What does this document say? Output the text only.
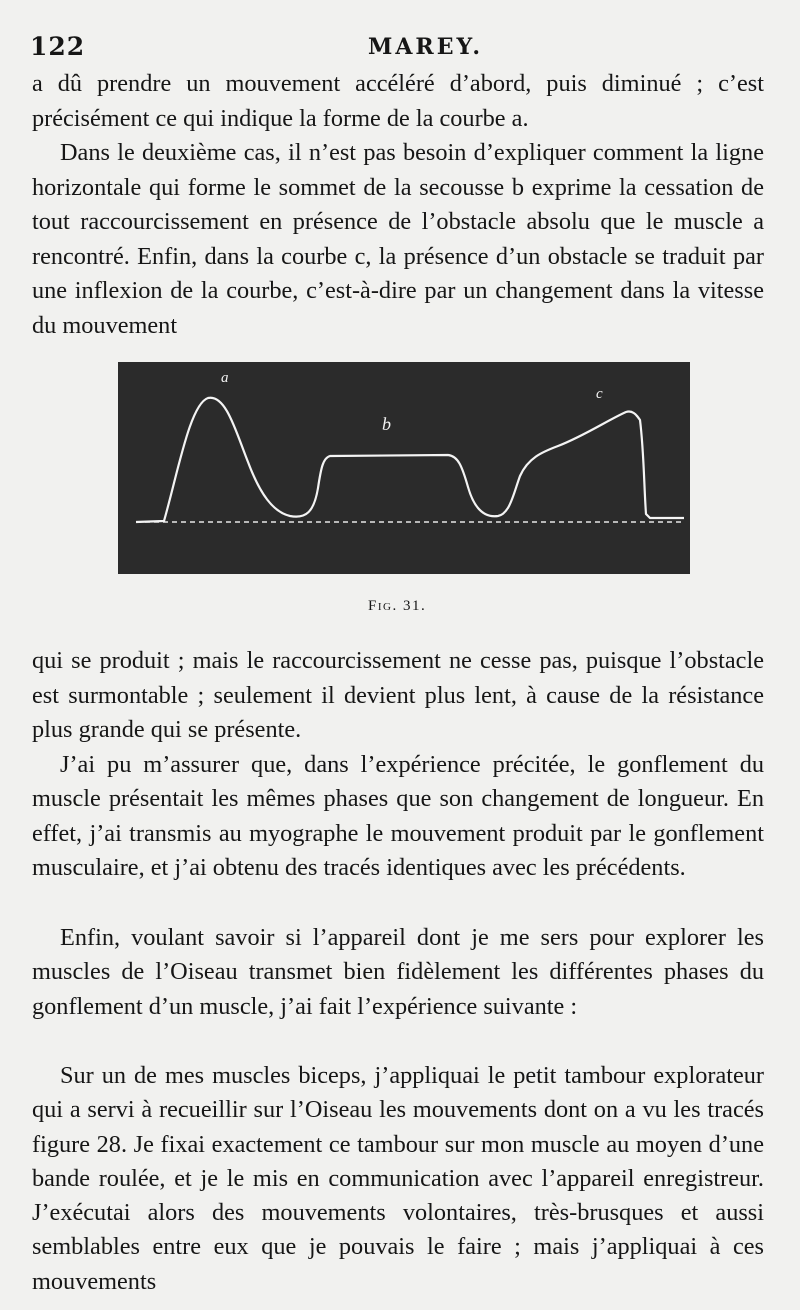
122	MAREY.

a dû prendre un mouvement accéléré d’abord, puis diminué ; c’est précisément ce qui indique la forme de la courbe a.

Dans le deuxième cas, il n’est pas besoin d’expliquer comment la ligne horizontale qui forme le sommet de la secousse b exprime la cessation de tout raccourcissement en présence de l’obstacle absolu que le muscle a rencontré. Enfin, dans la courbe c, la présence d’un obstacle se traduit par une inflexion de la courbe, c’est-à-dire par un changement dans la vitesse du mouvement

a
b
c
Fig. 31.

qui se produit ; mais le raccourcissement ne cesse pas, puisque l’obstacle est surmontable ; seulement il devient plus lent, à cause de la résistance plus grande qui se présente.

J’ai pu m’assurer que, dans l’expérience précitée, le gonflement du muscle présentait les mêmes phases que son changement de longueur. En effet, j’ai transmis au myographe le mouvement produit par le gonflement musculaire, et j’ai obtenu des tracés identiques avec les précédents.

Enfin, voulant savoir si l’appareil dont je me sers pour explorer les muscles de l’Oiseau transmet bien fidèlement les différentes phases du gonflement d’un muscle, j’ai fait l’expérience suivante :

Sur un de mes muscles biceps, j’appliquai le petit tambour explorateur qui a servi à recueillir sur l’Oiseau les mouvements dont on a vu les tracés figure 28. Je fixai exactement ce tambour sur mon muscle au moyen d’une bande roulée, et je le mis en communication avec l’appareil enregistreur. J’exécutai alors des mouvements volontaires, très-brusques et aussi semblables entre eux que je pouvais le faire ; mais j’appliquai à ces mouvements
